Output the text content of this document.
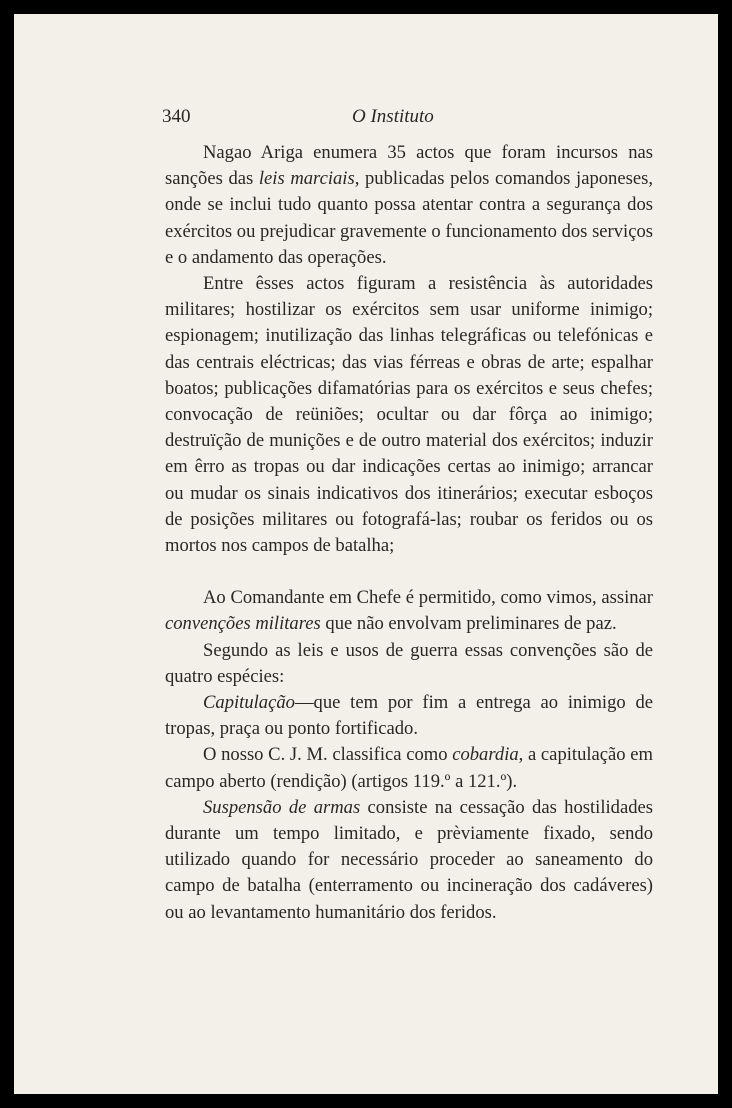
340	O Instituto

Nagao Ariga enumera 35 actos que foram incursos nas sanções das leis marciais, publicadas pelos comandos japoneses, onde se inclui tudo quanto possa atentar contra a segurança dos exércitos ou prejudicar gravemente o funcionamento dos serviços e o andamento das operações.

Entre êsses actos figuram a resistência às autoridades militares; hostilizar os exércitos sem usar uniforme inimigo; espionagem; inutilização das linhas telegráficas ou telefónicas e das centrais eléctricas; das vias férreas e obras de arte; espalhar boatos; publicações difamatórias para os exércitos e seus chefes; convocação de reüniões; ocultar ou dar fôrça ao inimigo; destruïção de munições e de outro material dos exércitos; induzir em êrro as tropas ou dar indicações certas ao inimigo; arrancar ou mudar os sinais indicativos dos itinerários; executar esboços de posições militares ou fotografá-las; roubar os feridos ou os mortos nos campos de batalha;

Ao Comandante em Chefe é permitido, como vimos, assinar convenções militares que não envolvam preliminares de paz.

Segundo as leis e usos de guerra essas convenções são de quatro espécies:

Capitulação—que tem por fim a entrega ao inimigo de tropas, praça ou ponto fortificado.

O nosso C. J. M. classifica como cobardia, a capitulação em campo aberto (rendição) (artigos 119.º a 121.º).

Suspensão de armas consiste na cessação das hostilidades durante um tempo limitado, e prèviamente fixado, sendo utilizado quando for necessário proceder ao saneamento do campo de batalha (enterramento ou incineração dos cadáveres) ou ao levantamento humanitário dos feridos.
